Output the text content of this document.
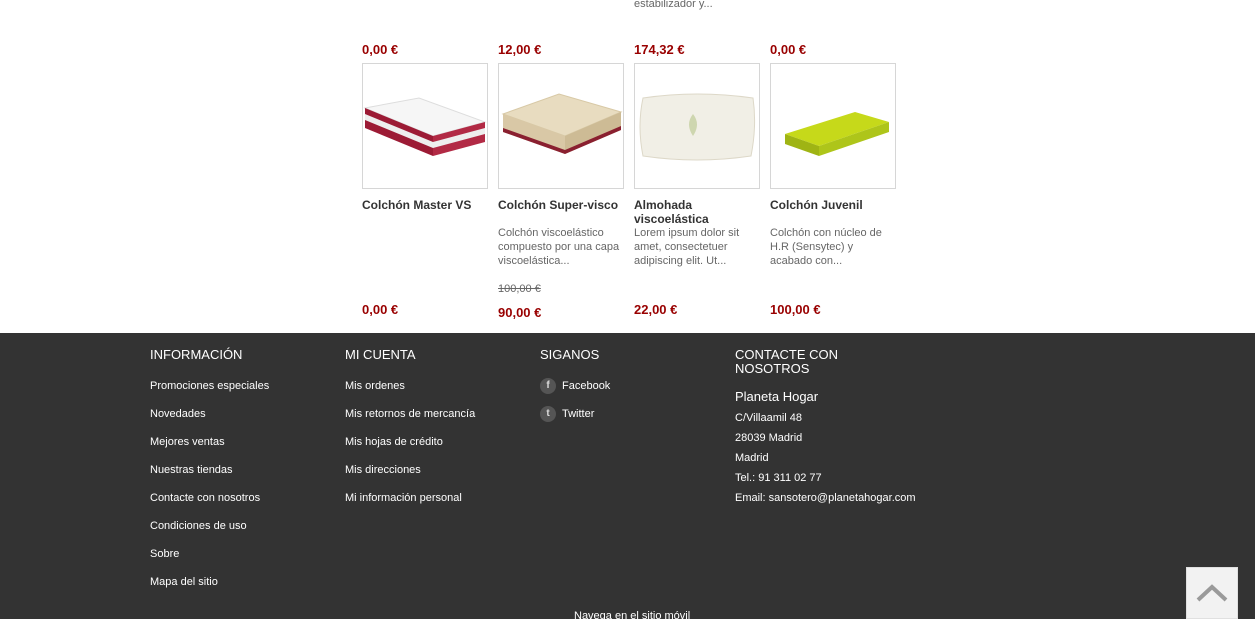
estabilizador y...
0,00 €	12,00 €	174,32 €	0,00 €
Colchón Master VS
0,00 €
Colchón Super-visco
Colchón viscoelástico compuesto por una capa viscoelástica...
100,00 €
90,00 €
Almohada viscoelástica
Lorem ipsum dolor sit amet, consectetuer adipiscing elit. Ut...
22,00 €
Colchón Juvenil
Colchón con núcleo de H.R (Sensytec) y acabado con...
100,00 €
INFORMACIÓN
Promociones especiales
Novedades
Mejores ventas
Nuestras tiendas
Contacte con nosotros
Condiciones de uso
Sobre
Mapa del sitio
MI CUENTA
Mis ordenes
Mis retornos de mercancía
Mis hojas de crédito
Mis direcciones
Mi información personal
SIGANOS
f	Facebook
t	Twitter
CONTACTE CON NOSOTROS
Planeta Hogar
C/Villaamil 48
28039 Madrid
Madrid
Tel.: 91 311 02 77
Email: sansotero@planetahogar.com
Navega en el sitio móvil
